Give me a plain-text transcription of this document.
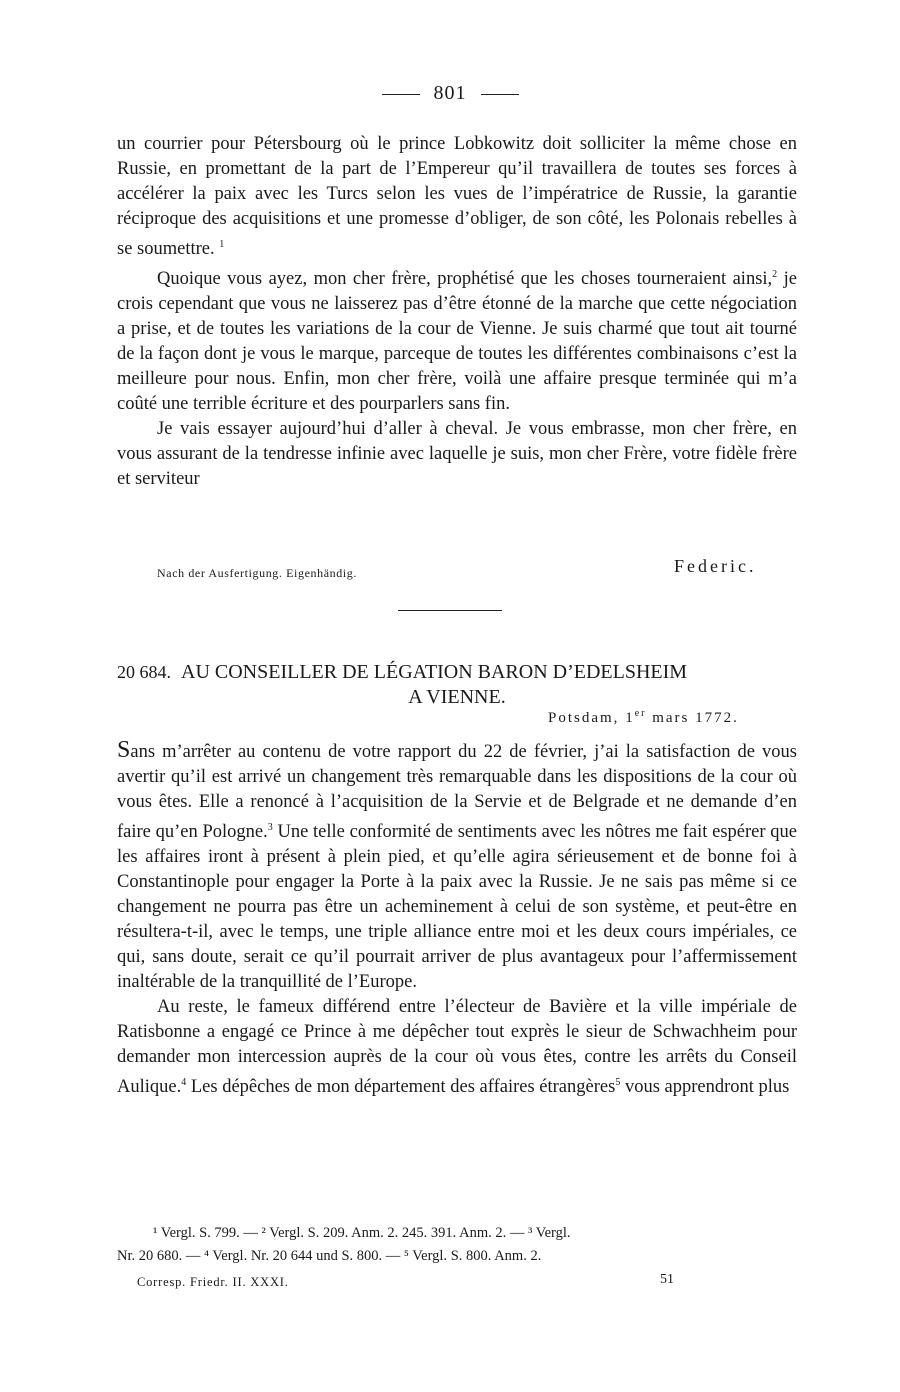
801

un courrier pour Pétersbourg où le prince Lobkowitz doit solliciter la même chose en Russie, en promettant de la part de l’Empereur qu’il travaillera de toutes ses forces à accélérer la paix avec les Turcs selon les vues de l’impératrice de Russie, la garantie réciproque des acquisitions et une promesse d’obliger, de son côté, les Polonais rebelles à se soumettre. $^1$

Quoique vous ayez, mon cher frère, prophétisé que les choses tourneraient ainsi,$^2$ je crois cependant que vous ne laisserez pas d’être étonné de la marche que cette négociation a prise, et de toutes les variations de la cour de Vienne. Je suis charmé que tout ait tourné de la façon dont je vous le marque, parceque de toutes les différentes combinaisons c’est la meilleure pour nous. Enfin, mon cher frère, voilà une affaire presque terminée qui m’a coûté une terrible écriture et des pourparlers sans fin.

Je vais essayer aujourd’hui d’aller à cheval. Je vous embrasse, mon cher frère, en vous assurant de la tendresse infinie avec laquelle je suis, mon cher Frère, votre fidèle frère et serviteur

Nach der Ausfertigung. Eigenhändig.	Federic.
20 684. AU CONSEILLER DE LÉGATION BARON D’EDELSHEIM
A VIENNE.
Potsdam, 1er mars 1772.

Sans m’arrêter au contenu de votre rapport du 22 de février, j’ai la satisfaction de vous avertir qu’il est arrivé un changement très remarquable dans les dispositions de la cour où vous êtes. Elle a renoncé à l’acquisition de la Servie et de Belgrade et ne demande d’en faire qu’en Pologne.$^3$ Une telle conformité de sentiments avec les nôtres me fait espérer que les affaires iront à présent à plein pied, et qu’elle agira sérieusement et de bonne foi à Constantinople pour engager la Porte à la paix avec la Russie. Je ne sais pas même si ce changement ne pourra pas être un acheminement à celui de son système, et peut-être en résultera-t-il, avec le temps, une triple alliance entre moi et les deux cours impériales, ce qui, sans doute, serait ce qu’il pourrait arriver de plus avantageux pour l’affermissement inaltérable de la tranquillité de l’Europe.

Au reste, le fameux différend entre l’électeur de Bavière et la ville impériale de Ratisbonne a engagé ce Prince à me dépêcher tout exprès le sieur de Schwachheim pour demander mon intercession auprès de la cour où vous êtes, contre les arrêts du Conseil Aulique.$^4$ Les dépêches de mon département des affaires étrangères$^5$ vous apprendront plus

¹ Vergl. S. 799. — ² Vergl. S. 209. Anm. 2. 245. 391. Anm. 2. — ³ Vergl.

Nr. 20 680. — ⁴ Vergl. Nr. 20 644 und S. 800. — ⁵ Vergl. S. 800. Anm. 2.

Corresp. Friedr. II. XXXI.	51
